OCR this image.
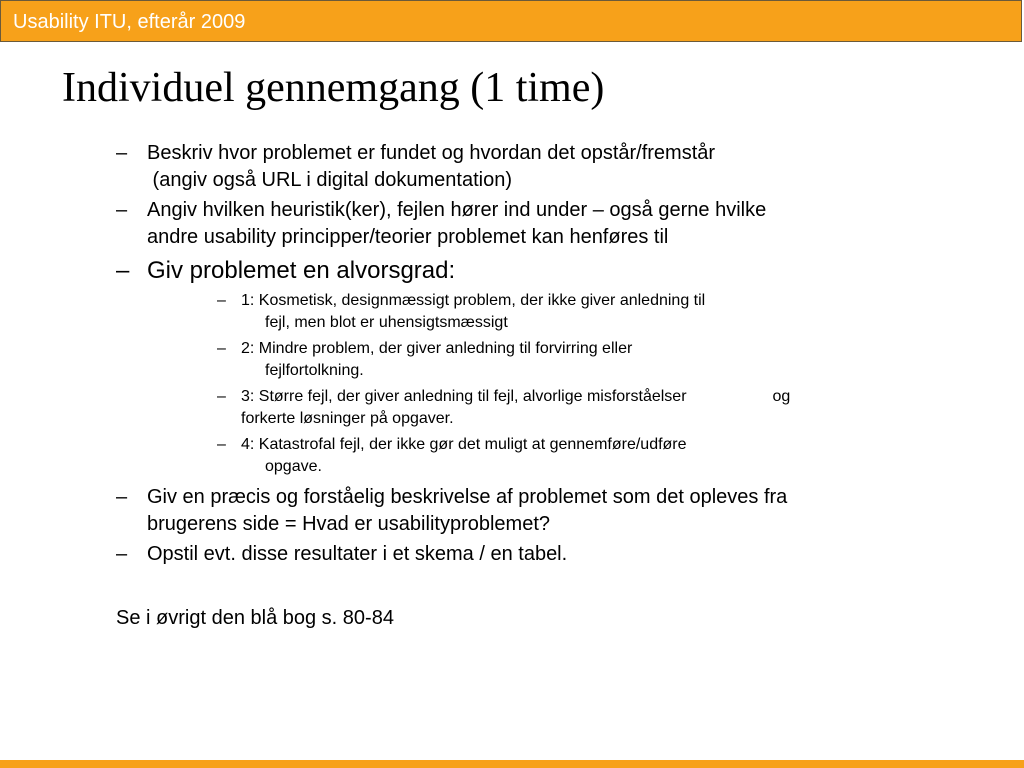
Usability ITU, efterår 2009
Individuel gennemgang (1 time)
– Beskriv hvor problemet er fundet og hvordan det opstår/fremstår
(angiv også URL i digital dokumentation)
– Angiv hvilken heuristik(ker), fejlen hører ind under – også gerne hvilke
andre usability principper/teorier problemet kan henføres til
– Giv problemet en alvorsgrad:
– 1: Kosmetisk, designmæssigt problem, der ikke giver anledning til
fejl, men blot er uhensigtsmæssigt
– 2: Mindre problem, der giver anledning til forvirring eller
fejlfortolkning.
– 3: Større fejl, der giver anledning til fejl, alvorlige misforståelser	og
forkerte løsninger på opgaver.
– 4: Katastrofal fejl, der ikke gør det muligt at gennemføre/udføre
opgave.
– Giv en præcis og forståelig beskrivelse af problemet som det opleves fra
brugerens side = Hvad er usabilityproblemet?
– Opstil evt. disse resultater i et skema / en tabel.
Se i øvrigt den blå bog s. 80-84
